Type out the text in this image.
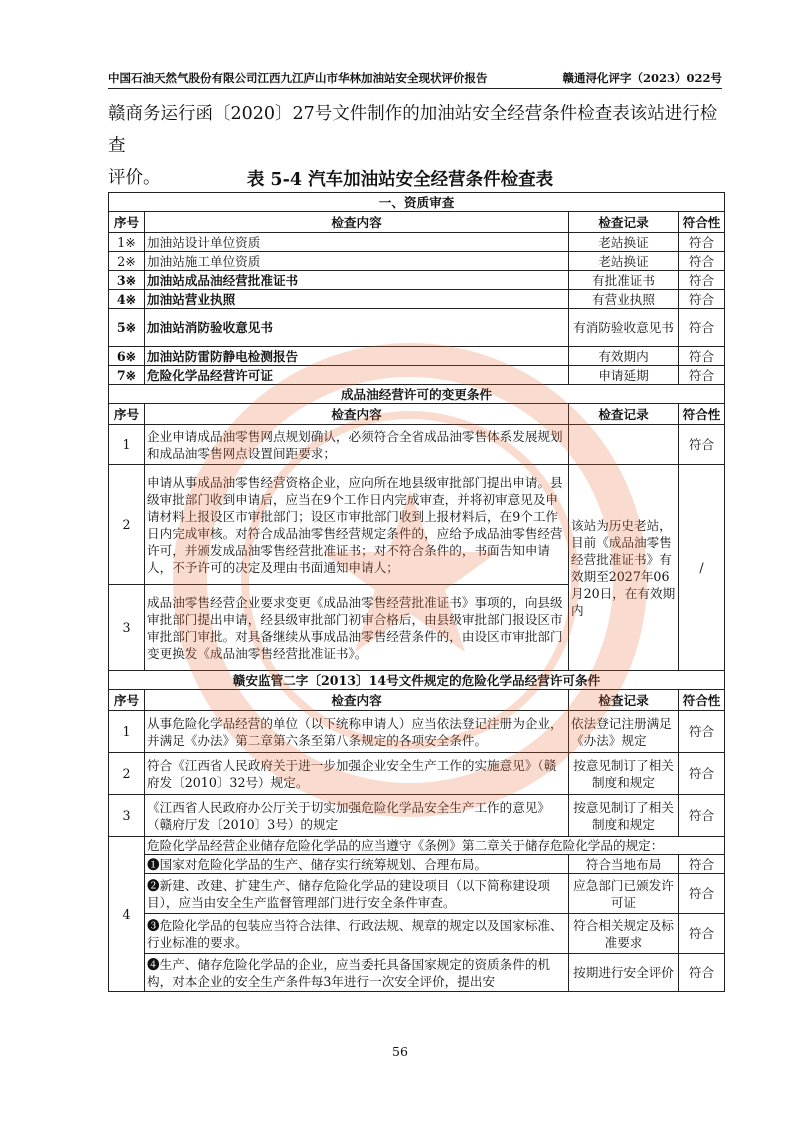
中国石油天然气股份有限公司江西九江庐山市华林加油站安全现状评价报告	赣通浔化评字（2023）022号
赣商务运行函〔2020〕27号文件制作的加油站安全经营条件检查表该站进行检查
评价。	表 5-4 汽车加油站安全经营条件检查表
一、资质审查			
序号	检查内容	检查记录	符合性
1※	加油站设计单位资质	老站换证	符合
2※	加油站施工单位资质	老站换证	符合
3※	加油站成品油经营批准证书	有批准证书	符合
4※	加油站营业执照	有营业执照	符合
5※	加油站消防验收意见书	有消防验收意见书	符合
6※	加油站防雷防静电检测报告	有效期内	符合
7※	危险化学品经营许可证	申请延期	符合
成品油经营许可的变更条件			
序号	检查内容	检查记录	符合性
1	企业申请成品油零售网点规划确认，必须符合全省成品油零售体系发展规划和成品油零售网点设置间距要求；		符合
2	申请从事成品油零售经营资格企业，应向所在地县级审批部门提出申请。县级审批部门收到申请后，应当在9个工作日内完成审查，并将初审意见及申请材料上报设区市审批部门；设区市审批部门收到上报材料后，在9个工作日内完成审核。对符合成品油零售经营规定条件的，应给予成品油零售经营许可，并颁发成品油零售经营批准证书；对不符合条件的，书面告知申请人，不予许可的决定及理由书面通知申请人；	该站为历史老站，目前《成品油零售经营批准证书》有效期至2027年06月20日，在有效期内	/
3	成品油零售经营企业要求变更《成品油零售经营批准证书》事项的，向县级审批部门提出申请，经县级审批部门初审合格后，由县级审批部门报设区市审批部门审批。对具备继续从事成品油零售经营条件的，由设区市审批部门变更换发《成品油零售经营批准证书》。		
赣安监管二字〔2013〕14号文件规定的危险化学品经营许可条件			
序号	检查内容	检查记录	符合性
1	从事危险化学品经营的单位（以下统称申请人）应当依法登记注册为企业，并满足《办法》第二章第六条至第八条规定的各项安全条件。	依法登记注册满足《办法》规定	符合
2	符合《江西省人民政府关于进一步加强企业安全生产工作的实施意见》（赣府发〔2010〕32号）规定。	按意见制订了相关制度和规定	符合
3	《江西省人民政府办公厅关于切实加强危险化学品安全生产工作的意见》（赣府厅发〔2010〕3号）的规定	按意见制订了相关制度和规定	符合
4	危险化学品经营企业储存危险化学品的应当遵守《条例》第二章关于储存危险化学品的规定：		
	❶国家对危险化学品的生产、储存实行统筹规划、合理布局。	符合当地布局	符合
	❷新建、改建、扩建生产、储存危险化学品的建设项目（以下简称建设项目），应当由安全生产监督管理部门进行安全条件审查。	应急部门已颁发许可证	符合
	❸危险化学品的包装应当符合法律、行政法规、规章的规定以及国家标准、行业标准的要求。	符合相关规定及标准要求	符合
	❹生产、储存危险化学品的企业，应当委托具备国家规定的资质条件的机构，对本企业的安全生产条件每3年进行一次安全评价，提出安	按期进行安全评价	符合
56
